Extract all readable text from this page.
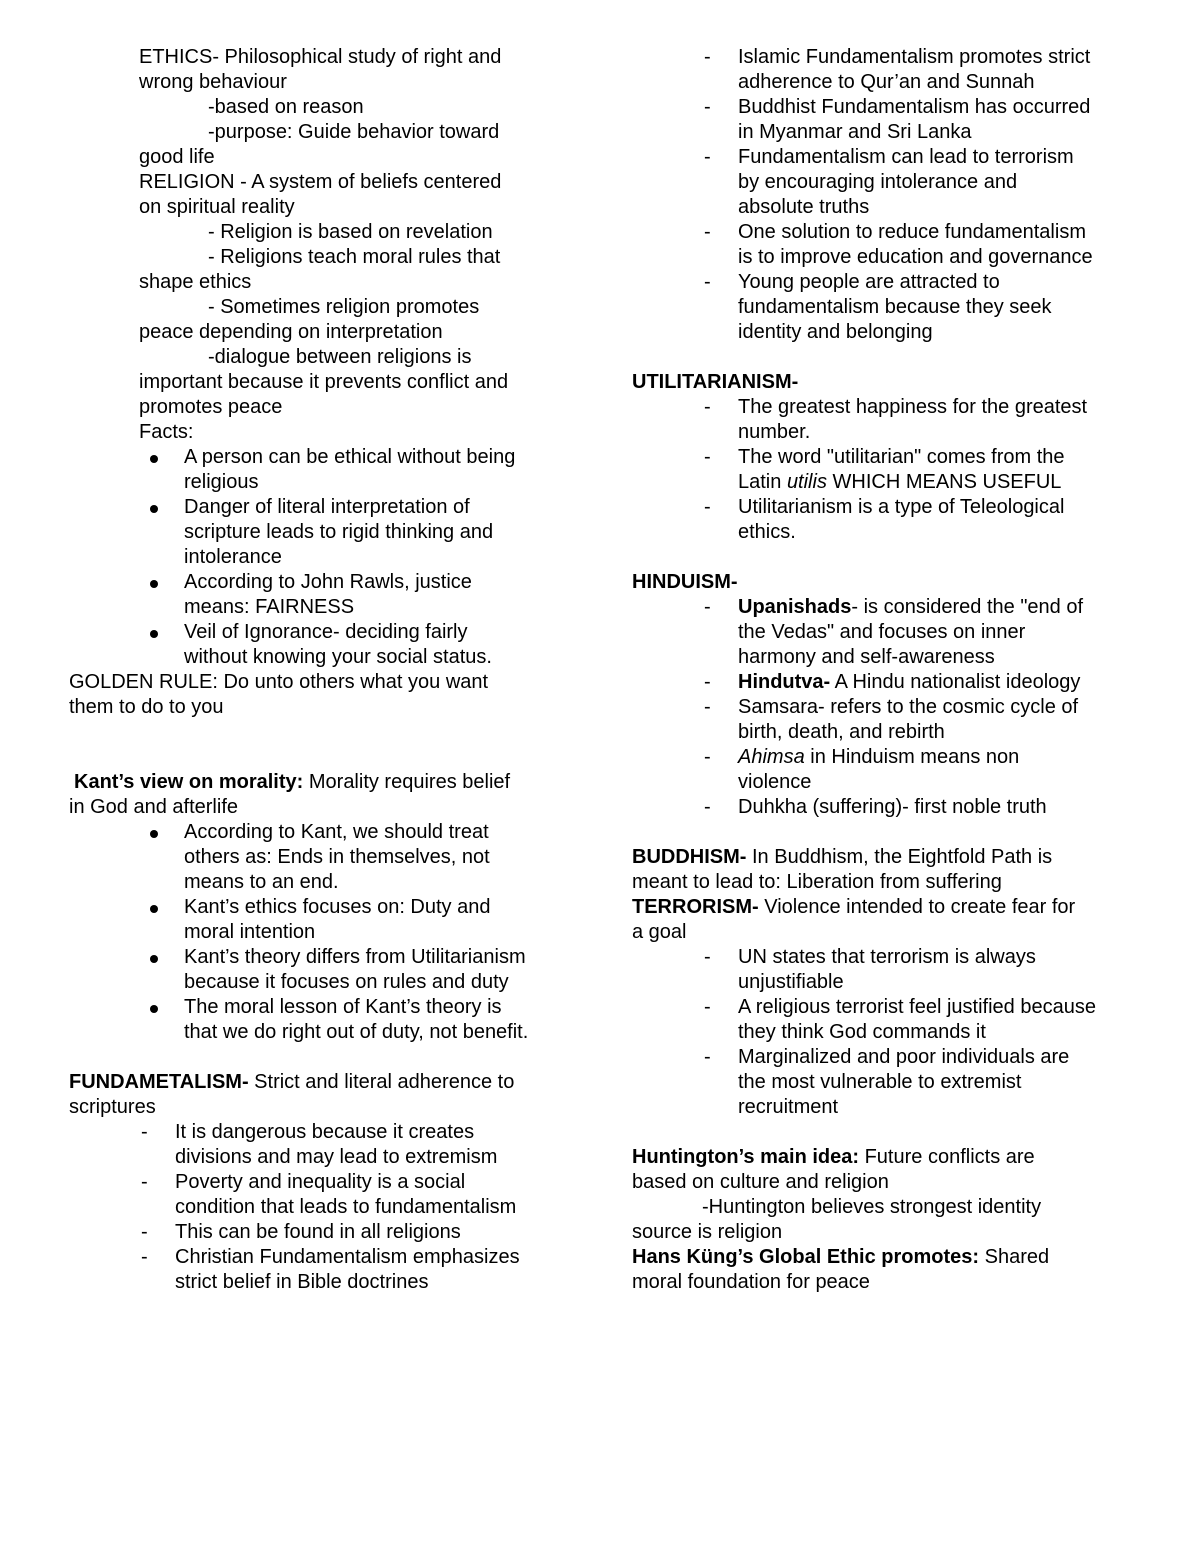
ETHICS- Philosophical study of right and
wrong behaviour
-based on reason
-purpose: Guide behavior toward
good life
RELIGION - A system of beliefs centered
on spiritual reality
- Religion is based on revelation
- Religions teach moral rules that
shape ethics
- Sometimes religion promotes
peace depending on interpretation
-dialogue between religions is
important because it prevents conflict and
promotes peace
Facts:
A person can be ethical without being
religious
Danger of literal interpretation of
scripture leads to rigid thinking and
intolerance
According to John Rawls, justice
means: FAIRNESS
Veil of Ignorance- deciding fairly
without knowing your social status.
GOLDEN RULE: Do unto others what you want
them to do to you
Kant’s view on morality: Morality requires belief
in God and afterlife
According to Kant, we should treat
others as: Ends in themselves, not
means to an end.
Kant’s ethics focuses on: Duty and
moral intention
Kant’s theory differs from Utilitarianism
because it focuses on rules and duty
The moral lesson of Kant’s theory is
that we do right out of duty, not benefit.
FUNDAMETALISM- Strict and literal adherence to
scriptures
- It is dangerous because it creates
divisions and may lead to extremism
- Poverty and inequality is a social
condition that leads to fundamentalism
- This can be found in all religions
- Christian Fundamentalism emphasizes
strict belief in Bible doctrines
- Islamic Fundamentalism promotes strict
adherence to Qur’an and Sunnah
- Buddhist Fundamentalism has occurred
in Myanmar and Sri Lanka
- Fundamentalism can lead to terrorism
by encouraging intolerance and
absolute truths
- One solution to reduce fundamentalism
is to improve education and governance
- Young people are attracted to
fundamentalism because they seek
identity and belonging
UTILITARIANISM-
- The greatest happiness for the greatest
number.
- The word "utilitarian" comes from the
Latin utilis WHICH MEANS USEFUL
- Utilitarianism is a type of Teleological
ethics.
HINDUISM-
- Upanishads- is considered the "end of
the Vedas" and focuses on inner
harmony and self-awareness
- Hindutva- A Hindu nationalist ideology
- Samsara- refers to the cosmic cycle of
birth, death, and rebirth
- Ahimsa in Hinduism means non
violence
- Duhkha (suffering)- first noble truth
BUDDHISM- In Buddhism, the Eightfold Path is
meant to lead to: Liberation from suffering
TERRORISM- Violence intended to create fear for
a goal
- UN states that terrorism is always
unjustifiable
- A religious terrorist feel justified because
they think God commands it
- Marginalized and poor individuals are
the most vulnerable to extremist
recruitment
Huntington’s main idea: Future conflicts are
based on culture and religion
-Huntington believes strongest identity
source is religion
Hans Küng’s Global Ethic promotes: Shared
moral foundation for peace
